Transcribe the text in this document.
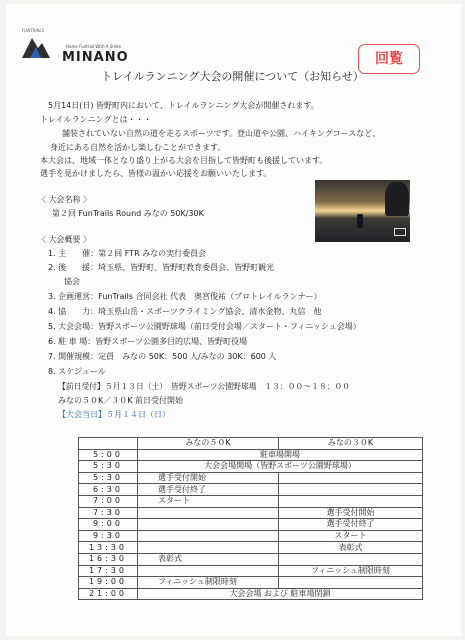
FUNTRAILS
Home Funtrail With A Smile
MINANO	回覧
トレイルランニング大会の開催について（お知らせ）
5月14日(日) 皆野町内において、トレイルランニング大会が開催されます。
トレイルランニングとは・・・
舗装されていない自然の道を走るスポーツです。登山道や公園、ハイキングコースなど、
身近にある自然を活かし楽しむことができます。
本大会は、地域一体となり盛り上がる大会を目指して皆野町も後援しています。
選手を見かけましたら、皆様の温かい応援をお願いいたします。
〈 大会名称 〉
第２回 FunTrails Round みなの 50K/30K
〈 大会概要 〉
1. 主　　催：第２回 FTR みなの実行委員会
2. 後　　援：埼玉県、皆野町、皆野町教育委員会、皆野町観光
　　協会
3. 企画運営：FunTrails 合同会社 代表　奥宮俊祐（プロトレイルランナー）
4. 協　　力：埼玉県山岳・スポーツクライミング協会、清水金物、丸信　他
5. 大会会場：皆野スポーツ公園野球場（前日受付会場／スタート・フィニッシュ会場）
6. 駐 車 場：皆野スポーツ公園多目的広場、皆野町役場
7. 開催規模：定員　みなの 50K：500 人/みなの 30K：600 人
8. スケジュール
【前日受付】５月１３日（土）　皆野スポーツ公園野球場　１３：００～１８：００
みなの５０K／３０K 前日受付開始
【大会当日】５月１４日（日）
	みなの５０K	みなの３０K
5:00	駐車場開場	
5:30	大会会場開場（皆野スポーツ公園野球場）	
5:30	選手受付開始	
6:30	選手受付終了	
7:00	スタート	
7:30		選手受付開始
9:00		選手受付終了
9:30		スタート
13:30		表彰式
16:30	表彰式	
17:30		フィニッシュ制限時刻
19:00	フィニッシュ制限時刻	
21:00	大会会場 および 駐車場閉鎖	
